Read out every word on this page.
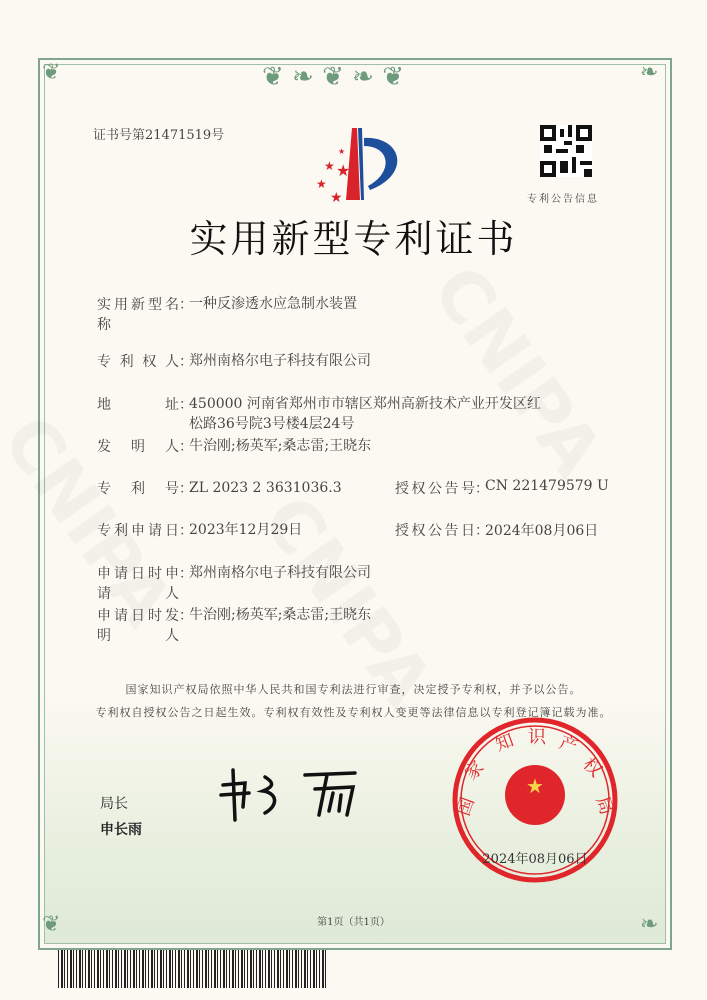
❦ ❧ ❦ ❧ ❦
❦	❧
❦	❧
证书号第21471519号
★
★ ★
★
★	专利公告信息
实用新型专利证书
实用新型名称
：
一种反渗透水应急制水装置
专利权人 ：
郑州南格尔电子科技有限公司
地址 ：
450000 河南省郑州市市辖区郑州高新技术产业开发区红松路36号院3号楼4层24号
发明人 ：
牛治刚;杨英军;桑志雷;王晓东
专利号 ：
ZL 2023 2 3631036.3
专利申请日 ：
2023年12月29日
申请日时申请人
：
郑州南格尔电子科技有限公司
申请日时发明人
：
牛治刚;杨英军;桑志雷;王晓东
授权公告号 ：
CN 221479579 U
授权公告日 ：
2024年08月06日
国家知识产权局依照中华人民共和国专利法进行审查，决定授予专利权，并予以公告。
专利权自授权公告之日起生效。专利权有效性及专利权人变更等法律信息以专利登记簿记载为准。
局长
申长雨
★
国
家
知 识 产
权
局
2024年08月06日
第1页（共1页）
